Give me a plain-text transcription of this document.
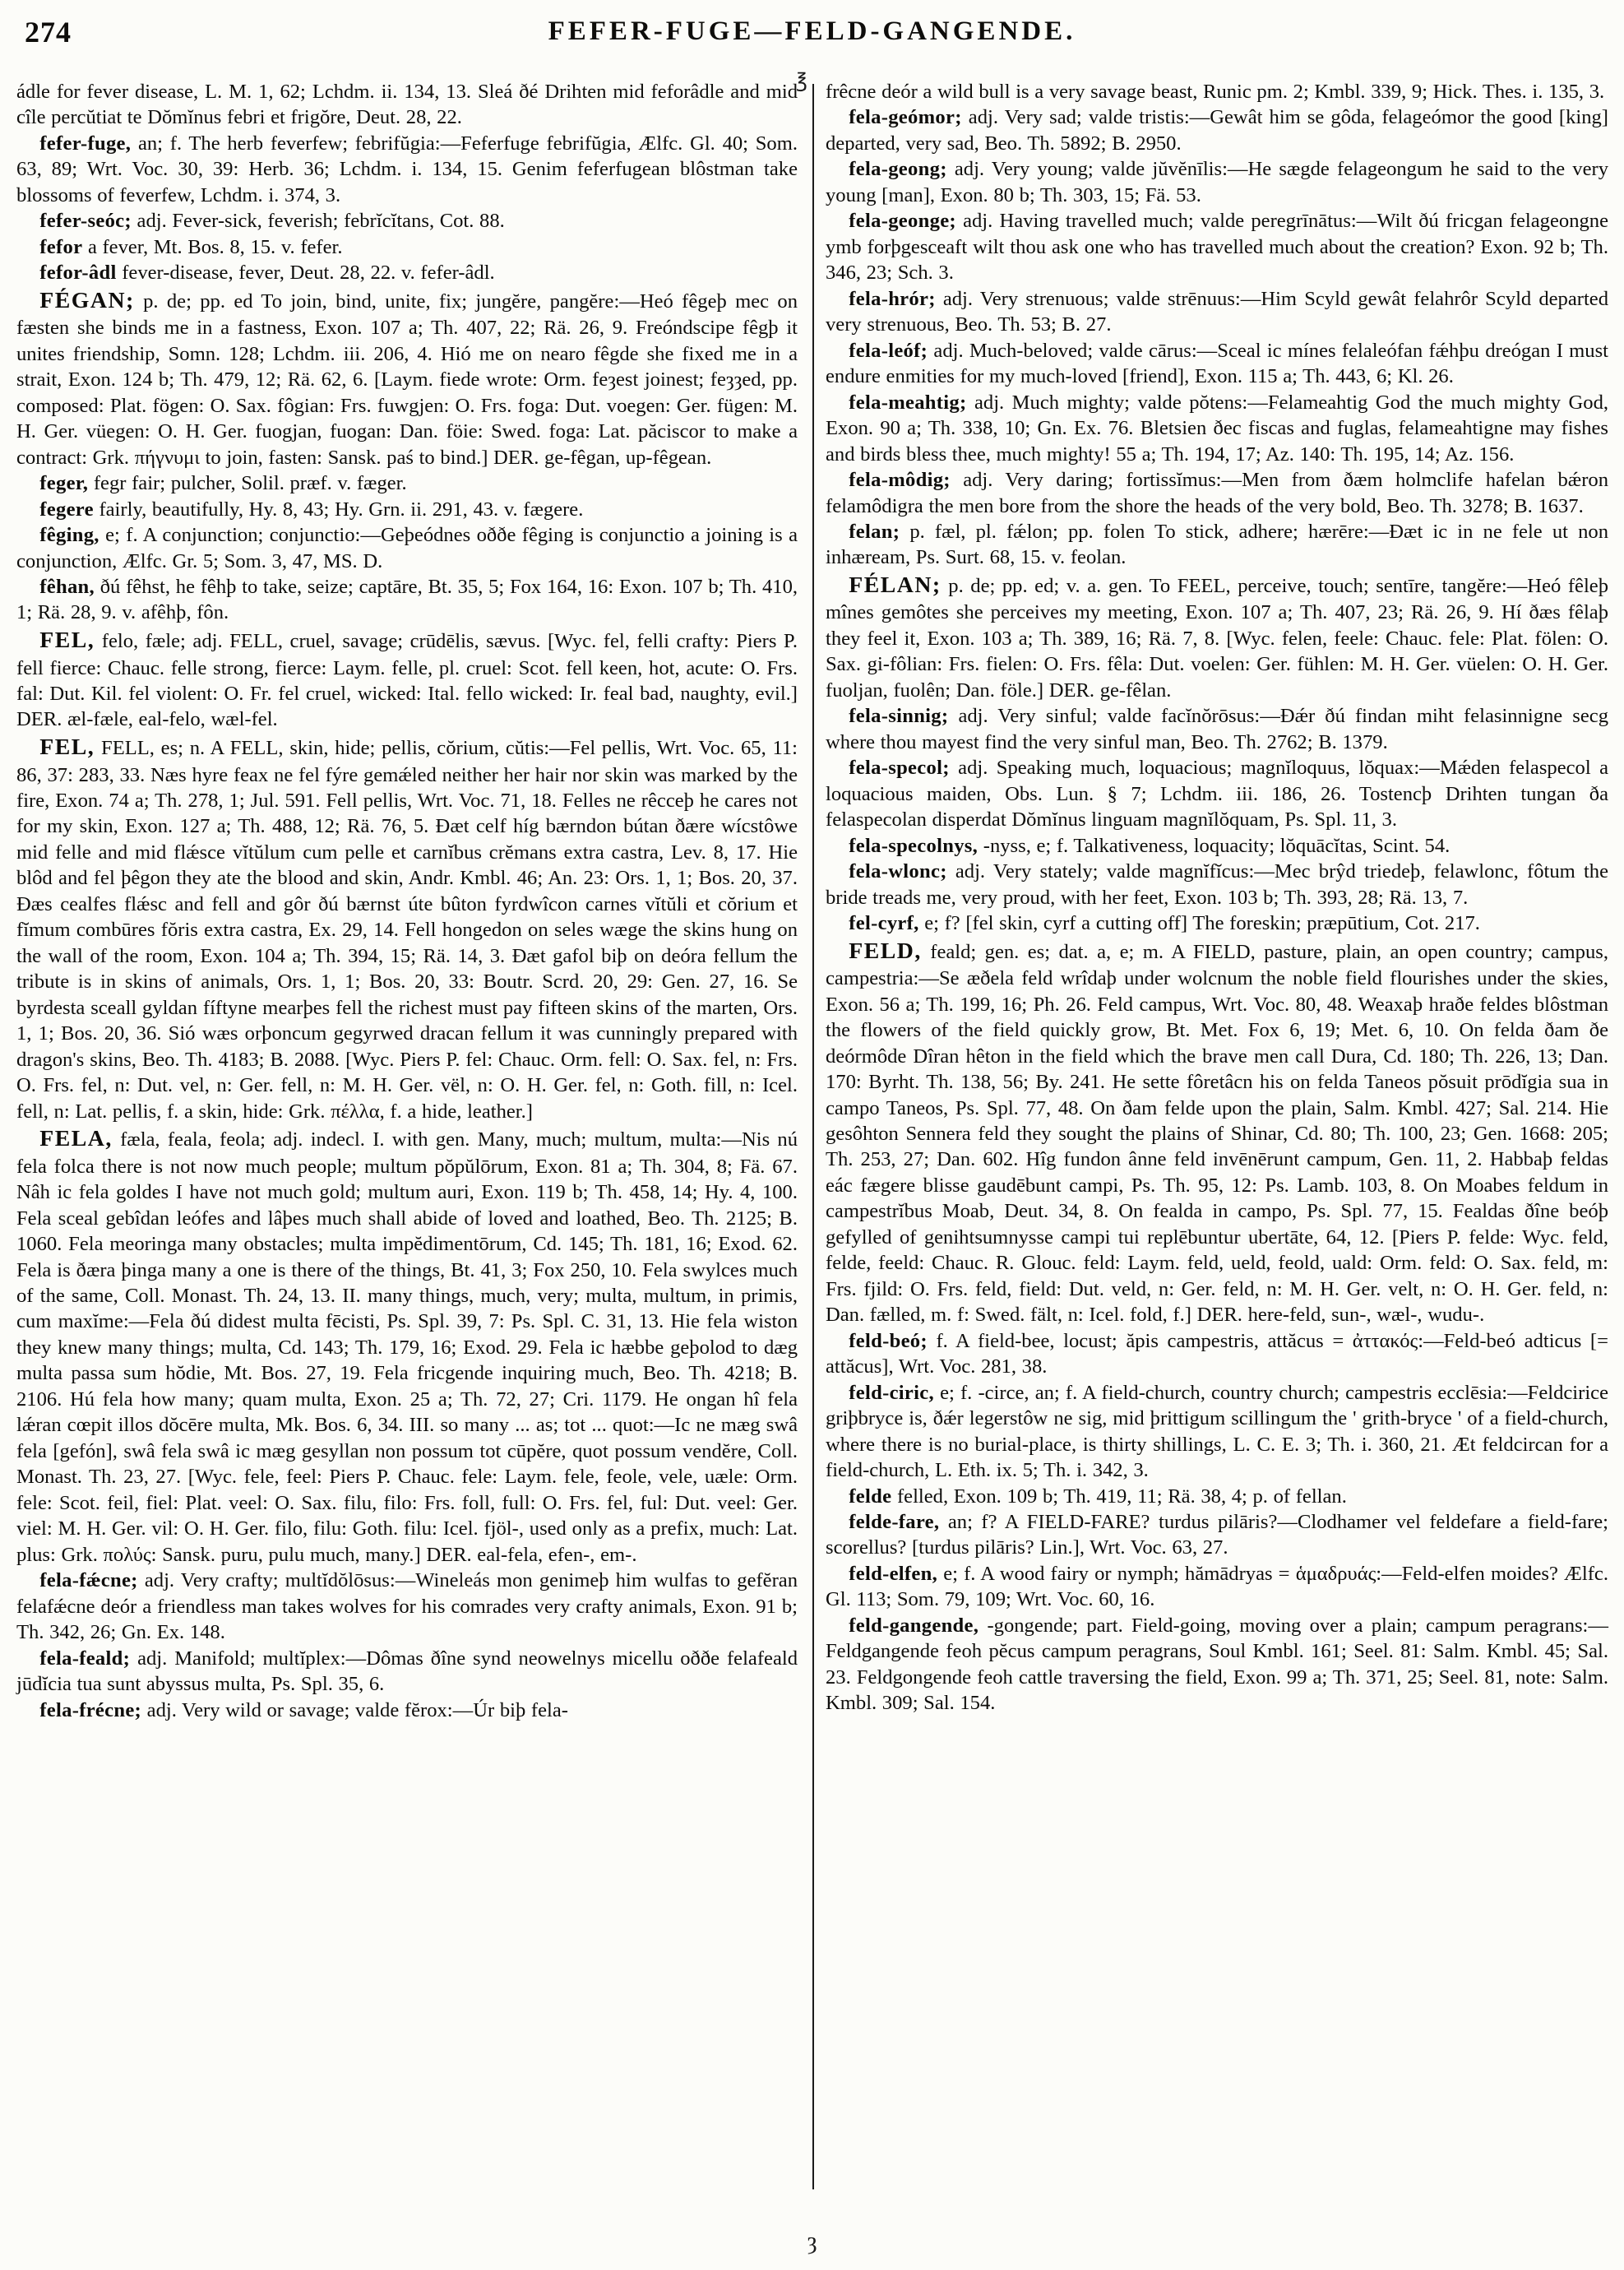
274	FEFER-FUGE—FELD-GANGENDE.
℥

ádle for fever disease, L. M. 1, 62; Lchdm. ii. 134, 13. Sleá ðé Drihten mid feforâdle and mid cîle percŭtiat te Dŏmĭnus febri et frigŏre, Deut. 28, 22.

fefer-fuge, an; f. The herb feverfew; febrifŭgia:—Feferfuge febrifŭgia, Ælfc. Gl. 40; Som. 63, 89; Wrt. Voc. 30, 39: Herb. 36; Lchdm. i. 134, 15. Genim feferfugean blôstman take blossoms of feverfew, Lchdm. i. 374, 3.

fefer-seóc; adj. Fever-sick, feverish; febrĭcĭtans, Cot. 88.

fefor a fever, Mt. Bos. 8, 15. v. fefer.

fefor-âdl fever-disease, fever, Deut. 28, 22. v. fefer-âdl.

FÉGAN; p. de; pp. ed To join, bind, unite, fix; jungĕre, pangĕre:—Heó fêgeþ mec on fæsten she binds me in a fastness, Exon. 107 a; Th. 407, 22; Rä. 26, 9. Freóndscipe fêgþ it unites friendship, Somn. 128; Lchdm. iii. 206, 4. Hió me on nearo fêgde she fixed me in a strait, Exon. 124 b; Th. 479, 12; Rä. 62, 6. [Laym. fiede wrote: Orm. feȝest joinest; feȝȝed, pp. composed: Plat. fögen: O. Sax. fôgian: Frs. fuwgjen: O. Frs. foga: Dut. voegen: Ger. fügen: M. H. Ger. vüegen: O. H. Ger. fuogjan, fuogan: Dan. föie: Swed. foga: Lat. păciscor to make a contract: Grk. πήγνυμι to join, fasten: Sansk. paś to bind.] DER. ge-fêgan, up-fêgean.

feger, fegr fair; pulcher, Solil. præf. v. fæger.

fegere fairly, beautifully, Hy. 8, 43; Hy. Grn. ii. 291, 43. v. fægere.

fêging, e; f. A conjunction; conjunctio:—Geþeódnes oððe fêging is conjunctio a joining is a conjunction, Ælfc. Gr. 5; Som. 3, 47, MS. D.

fêhan, ðú fêhst, he fêhþ to take, seize; captāre, Bt. 35, 5; Fox 164, 16: Exon. 107 b; Th. 410, 1; Rä. 28, 9. v. afêhþ, fôn.

FEL, felo, fæle; adj. FELL, cruel, savage; crūdēlis, sævus. [Wyc. fel, felli crafty: Piers P. fell fierce: Chauc. felle strong, fierce: Laym. felle, pl. cruel: Scot. fell keen, hot, acute: O. Frs. fal: Dut. Kil. fel violent: O. Fr. fel cruel, wicked: Ital. fello wicked: Ir. feal bad, naughty, evil.] DER. æl-fæle, eal-felo, wæl-fel.

FEL, FELL, es; n. A FELL, skin, hide; pellis, cŏrium, cŭtis:—Fel pellis, Wrt. Voc. 65, 11: 86, 37: 283, 33. Næs hyre feax ne fel fýre gemǽled neither her hair nor skin was marked by the fire, Exon. 74 a; Th. 278, 1; Jul. 591. Fell pellis, Wrt. Voc. 71, 18. Felles ne rêcceþ he cares not for my skin, Exon. 127 a; Th. 488, 12; Rä. 76, 5. Ðæt celf híg bærndon bútan ðære wícstôwe mid felle and mid flǽsce vĭtŭlum cum pelle et carnĭbus crĕmans extra castra, Lev. 8, 17. Hie blôd and fel þêgon they ate the blood and skin, Andr. Kmbl. 46; An. 23: Ors. 1, 1; Bos. 20, 37. Ðæs cealfes flǽsc and fell and gôr ðú bærnst úte bûton fyrdwîcon carnes vĭtŭli et cŏrium et fĭmum combūres fŏris extra castra, Ex. 29, 14. Fell hongedon on seles wæge the skins hung on the wall of the room, Exon. 104 a; Th. 394, 15; Rä. 14, 3. Ðæt gafol biþ on deóra fellum the tribute is in skins of animals, Ors. 1, 1; Bos. 20, 33: Boutr. Scrd. 20, 29: Gen. 27, 16. Se byrdesta sceall gyldan fíftyne mearþes fell the richest must pay fifteen skins of the marten, Ors. 1, 1; Bos. 20, 36. Sió wæs orþoncum gegyrwed dracan fellum it was cunningly prepared with dragon's skins, Beo. Th. 4183; B. 2088. [Wyc. Piers P. fel: Chauc. Orm. fell: O. Sax. fel, n: Frs. O. Frs. fel, n: Dut. vel, n: Ger. fell, n: M. H. Ger. vël, n: O. H. Ger. fel, n: Goth. fill, n: Icel. fell, n: Lat. pellis, f. a skin, hide: Grk. πέλλα, f. a hide, leather.]

FELA, fæla, feala, feola; adj. indecl. I. with gen. Many, much; multum, multa:—Nis nú fela folca there is not now much people; multum pŏpŭlōrum, Exon. 81 a; Th. 304, 8; Fä. 67. Nâh ic fela goldes I have not much gold; multum auri, Exon. 119 b; Th. 458, 14; Hy. 4, 100. Fela sceal gebîdan leófes and lâþes much shall abide of loved and loathed, Beo. Th. 2125; B. 1060. Fela meoringa many obstacles; multa impĕdimentōrum, Cd. 145; Th. 181, 16; Exod. 62. Fela is ðæra þinga many a one is there of the things, Bt. 41, 3; Fox 250, 10. Fela swylces much of the same, Coll. Monast. Th. 24, 13. II. many things, much, very; multa, multum, in primis, cum maxĭme:—Fela ðú didest multa fēcisti, Ps. Spl. 39, 7: Ps. Spl. C. 31, 13. Hie fela wiston they knew many things; multa, Cd. 143; Th. 179, 16; Exod. 29. Fela ic hæbbe geþolod to dæg multa passa sum hŏdie, Mt. Bos. 27, 19. Fela fricgende inquiring much, Beo. Th. 4218; B. 2106. Hú fela how many; quam multa, Exon. 25 a; Th. 72, 27; Cri. 1179. He ongan hî fela lǽran cœpit illos dŏcēre multa, Mk. Bos. 6, 34. III. so many ... as; tot ... quot:—Ic ne mæg swâ fela [gefón], swâ fela swâ ic mæg gesyllan non possum tot cūpĕre, quot possum vendĕre, Coll. Monast. Th. 23, 27. [Wyc. fele, feel: Piers P. Chauc. fele: Laym. fele, feole, vele, uæle: Orm. fele: Scot. feil, fiel: Plat. veel: O. Sax. filu, filo: Frs. foll, full: O. Frs. fel, ful: Dut. veel: Ger. viel: M. H. Ger. vil: O. H. Ger. filo, filu: Goth. filu: Icel. fjöl-, used only as a prefix, much: Lat. plus: Grk. πολύς: Sansk. puru, pulu much, many.] DER. eal-fela, efen-, em-.

fela-fǽcne; adj. Very crafty; multĭdŏlōsus:—Wineleás mon genimeþ him wulfas to gefĕran felafǽcne deór a friendless man takes wolves for his comrades very crafty animals, Exon. 91 b; Th. 342, 26; Gn. Ex. 148.

fela-feald; adj. Manifold; multĭplex:—Dômas ðîne synd neowelnys micellu oððe felafeald jūdĭcia tua sunt abyssus multa, Ps. Spl. 35, 6.

fela-frécne; adj. Very wild or savage; valde fĕrox:—Úr biþ fela-

frêcne deór a wild bull is a very savage beast, Runic pm. 2; Kmbl. 339, 9; Hick. Thes. i. 135, 3.

fela-geómor; adj. Very sad; valde tristis:—Gewât him se gôda, felageómor the good [king] departed, very sad, Beo. Th. 5892; B. 2950.

fela-geong; adj. Very young; valde jŭvĕnīlis:—He sægde felageongum he said to the very young [man], Exon. 80 b; Th. 303, 15; Fä. 53.

fela-geonge; adj. Having travelled much; valde peregrīnātus:—Wilt ðú fricgan felageongne ymb forþgesceaft wilt thou ask one who has travelled much about the creation? Exon. 92 b; Th. 346, 23; Sch. 3.

fela-hrór; adj. Very strenuous; valde strēnuus:—Him Scyld gewât felahrôr Scyld departed very strenuous, Beo. Th. 53; B. 27.

fela-leóf; adj. Much-beloved; valde cārus:—Sceal ic mínes felaleófan fǽhþu dreógan I must endure enmities for my much-loved [friend], Exon. 115 a; Th. 443, 6; Kl. 26.

fela-meahtig; adj. Much mighty; valde pŏtens:—Felameahtig God the much mighty God, Exon. 90 a; Th. 338, 10; Gn. Ex. 76. Bletsien ðec fiscas and fuglas, felameahtigne may fishes and birds bless thee, much mighty! 55 a; Th. 194, 17; Az. 140: Th. 195, 14; Az. 156.

fela-môdig; adj. Very daring; fortissĭmus:—Men from ðæm holmclife hafelan bǽron felamôdigra the men bore from the shore the heads of the very bold, Beo. Th. 3278; B. 1637.

felan; p. fæl, pl. fǽlon; pp. folen To stick, adhere; hærēre:—Ðæt ic in ne fele ut non inhæream, Ps. Surt. 68, 15. v. feolan.

FÉLAN; p. de; pp. ed; v. a. gen. To FEEL, perceive, touch; sentīre, tangĕre:—Heó fêleþ mînes gemôtes she perceives my meeting, Exon. 107 a; Th. 407, 23; Rä. 26, 9. Hí ðæs fêlaþ they feel it, Exon. 103 a; Th. 389, 16; Rä. 7, 8. [Wyc. felen, feele: Chauc. fele: Plat. fölen: O. Sax. gi-fôlian: Frs. fielen: O. Frs. fêla: Dut. voelen: Ger. fühlen: M. H. Ger. vüelen: O. H. Ger. fuoljan, fuolên; Dan. föle.] DER. ge-fêlan.

fela-sinnig; adj. Very sinful; valde facĭnŏrōsus:—Ðǽr ðú findan miht felasinnigne secg where thou mayest find the very sinful man, Beo. Th. 2762; B. 1379.

fela-specol; adj. Speaking much, loquacious; magnĭloquus, lŏquax:—Mǽden felaspecol a loquacious maiden, Obs. Lun. § 7; Lchdm. iii. 186, 26. Tostencþ Drihten tungan ða felaspecolan disperdat Dŏmĭnus linguam magnĭlŏquam, Ps. Spl. 11, 3.

fela-specolnys, -nyss, e; f. Talkativeness, loquacity; lŏquācĭtas, Scint. 54.

fela-wlonc; adj. Very stately; valde magnĭfĭcus:—Mec brŷd triedeþ, felawlonc, fôtum the bride treads me, very proud, with her feet, Exon. 103 b; Th. 393, 28; Rä. 13, 7.

fel-cyrf, e; f? [fel skin, cyrf a cutting off] The foreskin; præpūtium, Cot. 217.

FELD, feald; gen. es; dat. a, e; m. A FIELD, pasture, plain, an open country; campus, campestria:—Se æðela feld wrîdaþ under wolcnum the noble field flourishes under the skies, Exon. 56 a; Th. 199, 16; Ph. 26. Feld campus, Wrt. Voc. 80, 48. Weaxaþ hraðe feldes blôstman the flowers of the field quickly grow, Bt. Met. Fox 6, 19; Met. 6, 10. On felda ðam ðe deórmôde Dîran hêton in the field which the brave men call Dura, Cd. 180; Th. 226, 13; Dan. 170: Byrht. Th. 138, 56; By. 241. He sette fôretâcn his on felda Taneos pŏsuit prōdĭgia sua in campo Taneos, Ps. Spl. 77, 48. On ðam felde upon the plain, Salm. Kmbl. 427; Sal. 214. Hie gesôhton Sennera feld they sought the plains of Shinar, Cd. 80; Th. 100, 23; Gen. 1668: 205; Th. 253, 27; Dan. 602. Hîg fundon ânne feld invēnērunt campum, Gen. 11, 2. Habbaþ feldas eác fægere blisse gaudēbunt campi, Ps. Th. 95, 12: Ps. Lamb. 103, 8. On Moabes feldum in campestrĭbus Moab, Deut. 34, 8. On fealda in campo, Ps. Spl. 77, 15. Fealdas ðîne beóþ gefylled of genihtsumnysse campi tui replēbuntur ubertāte, 64, 12. [Piers P. felde: Wyc. feld, felde, feeld: Chauc. R. Glouc. feld: Laym. feld, ueld, feold, uald: Orm. feld: O. Sax. feld, m: Frs. fjild: O. Frs. feld, field: Dut. veld, n: Ger. feld, n: M. H. Ger. velt, n: O. H. Ger. feld, n: Dan. fælled, m. f: Swed. fält, n: Icel. fold, f.] DER. here-feld, sun-, wæl-, wudu-.

feld-beó; f. A field-bee, locust; ăpis campestris, attăcus = ἀττακός:—Feld-beó adticus [= attăcus], Wrt. Voc. 281, 38.

feld-ciric, e; f. -circe, an; f. A field-church, country church; campestris ecclēsia:—Feldcirice griþbryce is, ðǽr legerstôw ne sig, mid þrittigum scillingum the ' grith-bryce ' of a field-church, where there is no burial-place, is thirty shillings, L. C. E. 3; Th. i. 360, 21. Æt feldcircan for a field-church, L. Eth. ix. 5; Th. i. 342, 3.

felde felled, Exon. 109 b; Th. 419, 11; Rä. 38, 4; p. of fellan.

felde-fare, an; f? A FIELD-FARE? turdus pilāris?—Clodhamer vel feldefare a field-fare; scorellus? [turdus pilāris? Lin.], Wrt. Voc. 63, 27.

feld-elfen, e; f. A wood fairy or nymph; hămādryas = ἁμαδρυάς:—Feld-elfen moides? Ælfc. Gl. 113; Som. 79, 109; Wrt. Voc. 60, 16.

feld-gangende, -gongende; part. Field-going, moving over a plain; campum peragrans:—Feldgangende feoh pĕcus campum peragrans, Soul Kmbl. 161; Seel. 81: Salm. Kmbl. 45; Sal. 23. Feldgongende feoh cattle traversing the field, Exon. 99 a; Th. 371, 25; Seel. 81, note: Salm. Kmbl. 309; Sal. 154.

ȝ
